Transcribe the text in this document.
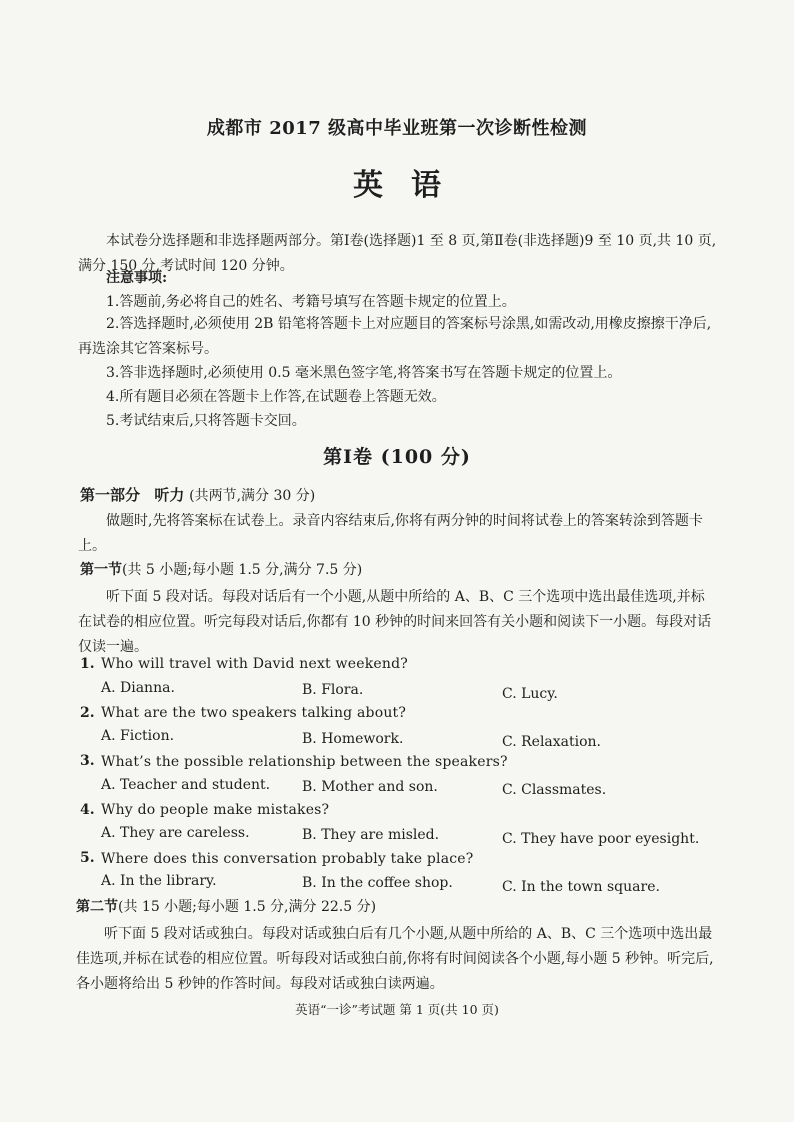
成都市 2017 级高中毕业班第一次诊断性检测
英语
本试卷分选择题和非选择题两部分。第Ⅰ卷(选择题)1 至 8 页,第Ⅱ卷(非选择题)9 至 10 页,共 10 页,满分 150 分,考试时间 120 分钟。
注意事项:
1.答题前,务必将自己的姓名、考籍号填写在答题卡规定的位置上。
2.答选择题时,必须使用 2B 铅笔将答题卡上对应题目的答案标号涂黑,如需改动,用橡皮擦擦干净后,再选涂其它答案标号。
3.答非选择题时,必须使用 0.5 毫米黑色签字笔,将答案书写在答题卡规定的位置上。
4.所有题目必须在答题卡上作答,在试题卷上答题无效。
5.考试结束后,只将答题卡交回。
第Ⅰ卷 (100 分)
第一部分 听力 (共两节,满分 30 分)
做题时,先将答案标在试卷上。录音内容结束后,你将有两分钟的时间将试卷上的答案转涂到答题卡上。
第一节(共 5 小题;每小题 1.5 分,满分 7.5 分)
听下面 5 段对话。每段对话后有一个小题,从题中所给的 A、B、C 三个选项中选出最佳选项,并标在试卷的相应位置。听完每段对话后,你都有 10 秒钟的时间来回答有关小题和阅读下一小题。每段对话仅读一遍。
1. Who will travel with David next weekend?
A. Dianna.	B. Flora.	C. Lucy.
2. What are the two speakers talking about?
A. Fiction.	B. Homework.	C. Relaxation.
3. What’s the possible relationship between the speakers?
A. Teacher and student. B. Mother and son.	C. Classmates.
4. Why do people make mistakes?
A. They are careless.	B. They are misled.	C. They have poor eyesight.
5. Where does this conversation probably take place?
A. In the library.	B. In the coffee shop.	C. In the town square.
第二节(共 15 小题;每小题 1.5 分,满分 22.5 分)
听下面 5 段对话或独白。每段对话或独白后有几个小题,从题中所给的 A、B、C 三个选项中选出最佳选项,并标在试卷的相应位置。听每段对话或独白前,你将有时间阅读各个小题,每小题 5 秒钟。听完后,各小题将给出 5 秒钟的作答时间。每段对话或独白读两遍。
英语“一诊”考试题 第 1 页(共 10 页)
